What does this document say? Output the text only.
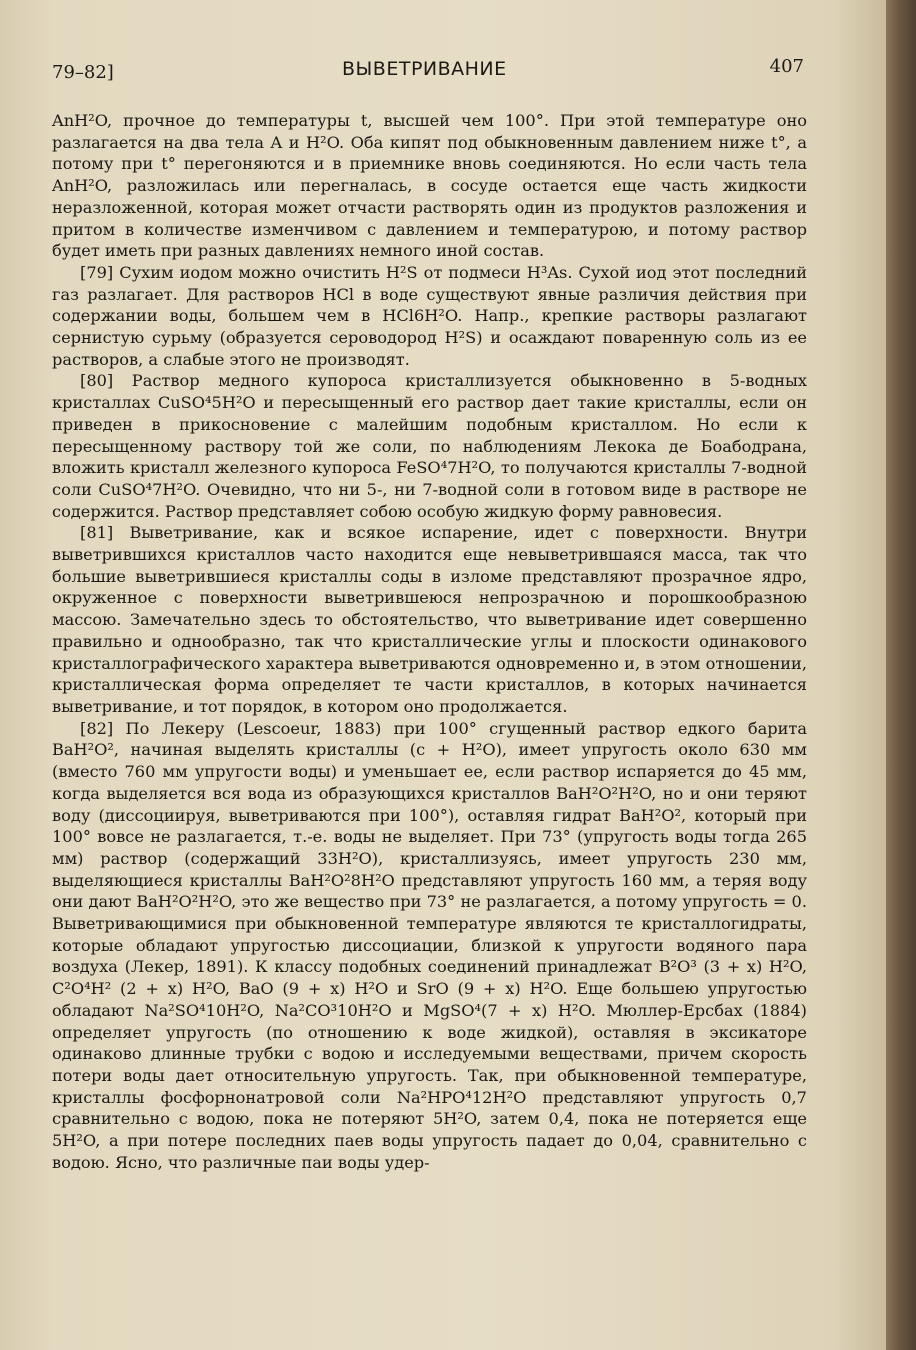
79–82]	ВЫВЕТРИВАНИЕ	407

AnH²O, прочное до температуры t, высшей чем 100°. При этой температуре оно разлагается на два тела A и H²O. Оба кипят под обыкновенным давлением ниже t°, а потому при t° перегоняются и в приемнике вновь соединяются. Но если часть тела AnH²O, разложилась или перегналась, в сосуде остается еще часть жидкости неразложенной, которая может отчасти растворять один из продуктов разложения и притом в количестве изменчивом с давлением и температурою, и потому раствор будет иметь при разных давлениях немного иной состав.

[79] Сухим иодом можно очистить H²S от подмеси H³As. Сухой иод этот последний газ разлагает. Для растворов HCl в воде существуют явные различия действия при содержании воды, большем чем в HCl6H²O. Напр., крепкие растворы разлагают сернистую сурьму (образуется сероводород H²S) и осаждают поваренную соль из ее растворов, а слабые этого не производят.

[80] Раствор медного купороса кристаллизуется обыкновенно в 5-водных кристаллах CuSO⁴5H²O и пересыщенный его раствор дает такие кристаллы, если он приведен в прикосновение с малейшим подобным кристаллом. Но если к пересыщенному раствору той же соли, по наблюдениям Лекока де Боабодрана, вложить кристалл железного купороса FeSO⁴7H²O, то получаются кристаллы 7-водной соли CuSO⁴7H²O. Очевидно, что ни 5-, ни 7-водной соли в готовом виде в растворе не содержится. Раствор представляет собою особую жидкую форму равновесия.

[81] Выветривание, как и всякое испарение, идет с поверхности. Внутри выветрившихся кристаллов часто находится еще невыветрившаяся масса, так что большие выветрившиеся кристаллы соды в изломе представляют прозрачное ядро, окруженное с поверхности выветрившеюся непрозрачною и порошкообразною массою. Замечательно здесь то обстоятельство, что выветривание идет совершенно правильно и однообразно, так что кристаллические углы и плоскости одинакового кристаллографического характера выветриваются одновременно и, в этом отношении, кристаллическая форма определяет те части кристаллов, в которых начинается выветривание, и тот порядок, в котором оно продолжается.

[82] По Лекеру (Lescoeur, 1883) при 100° сгущенный раствор едкого барита BaH²O², начиная выделять кристаллы (c + H²O), имеет упругость около 630 мм (вместо 760 мм упругости воды) и уменьшает ее, если раствор испаряется до 45 мм, когда выделяется вся вода из образующихся кристаллов BaH²O²H²O, но и они теряют воду (диссоциируя, выветриваются при 100°), оставляя гидрат BaH²O², который при 100° вовсе не разлагается, т.-е. воды не выделяет. При 73° (упругость воды тогда 265 мм) раствор (содержащий 33H²O), кристаллизуясь, имеет упругость 230 мм, выделяющиеся кристаллы BaH²O²8H²O представляют упругость 160 мм, а теряя воду они дают BaH²O²H²O, это же вещество при 73° не разлагается, а потому упругость = 0. Выветривающимися при обыкновенной температуре являются те кристаллогидраты, которые обладают упругостью диссоциации, близкой к упругости водяного пара воздуха (Лекер, 1891). К классу подобных соединений принадлежат B²O³ (3 + x) H²O, C²O⁴H² (2 + x) H²O, BaO (9 + x) H²O и SrO (9 + x) H²O. Еще большею упругостью обладают Na²SO⁴10H²O, Na²CO³10H²O и MgSO⁴(7 + x) H²O. Мюллер-Ерсбах (1884) определяет упругость (по отношению к воде жидкой), оставляя в эксикаторе одинаково длинные трубки с водою и исследуемыми веществами, причем скорость потери воды дает относительную упругость. Так, при обыкновенной температуре, кристаллы фосфорнонатровой соли Na²HPO⁴12H²O представляют упругость 0,7 сравнительно с водою, пока не потеряют 5H²O, затем 0,4, пока не потеряется еще 5H²O, а при потере последних паев воды упругость падает до 0,04, сравнительно с водою. Ясно, что различные паи воды удер-
